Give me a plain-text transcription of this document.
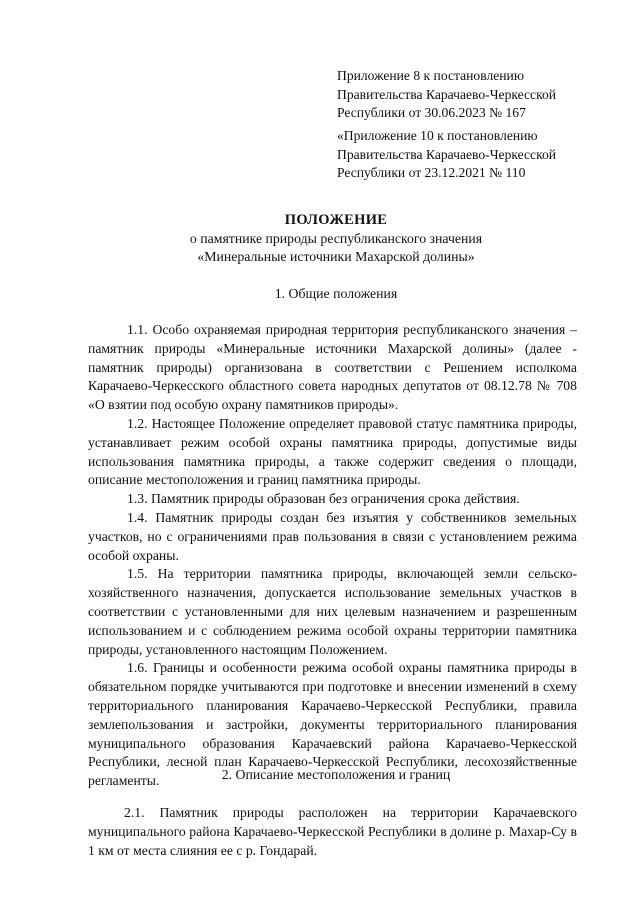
Приложение 8 к постановлению
Правительства Карачаево-Черкесской
Республики от 30.06.2023 № 167
«Приложение 10 к постановлению
Правительства Карачаево-Черкесской
Республики от 23.12.2021 № 110
ПОЛОЖЕНИЕ
о памятнике природы республиканского значения
«Минеральные источники Махарской долины»
1. Общие положения

1.1. Особо охраняемая природная территория республиканского значения – памятник природы «Минеральные источники Махарской долины» (далее - памятник природы) организована в соответствии с Решением исполкома Карачаево-Черкесского областного совета народных депутатов от 08.12.78 № 708 «О взятии под особую охрану памятников природы».

1.2. Настоящее Положение определяет правовой статус памятника природы, устанавливает режим особой охраны памятника природы, допустимые виды использования памятника природы, а также содержит сведения о площади, описание местоположения и границ памятника природы.

1.3. Памятник природы образован без ограничения срока действия.

1.4. Памятник природы создан без изъятия у собственников земельных участков, но с ограничениями прав пользования в связи с установлением режима особой охраны.

1.5. На территории памятника природы, включающей земли сельскохозяйственного назначения, допускается использование земельных участков в соответствии с установленными для них целевым назначением и разрешенным использованием и с соблюдением режима особой охраны территории памятника природы, установленного настоящим Положением.

1.6. Границы и особенности режима особой охраны памятника природы в обязательном порядке учитываются при подготовке и внесении изменений в схему территориального планирования Карачаево-Черкесской Республики, правила землепользования и застройки, документы территориального планирования муниципального образования Карачаевский района Карачаево-Черкесской Республики, лесной план Карачаево-Черкесской Республики, лесохозяйственные регламенты.	2. Описание местоположения и границ

2.1. Памятник природы расположен на территории Карачаевского муниципального района Карачаево-Черкесской Республики в долине р. Махар-Су в 1 км от места слияния ее с р. Гондарай.
